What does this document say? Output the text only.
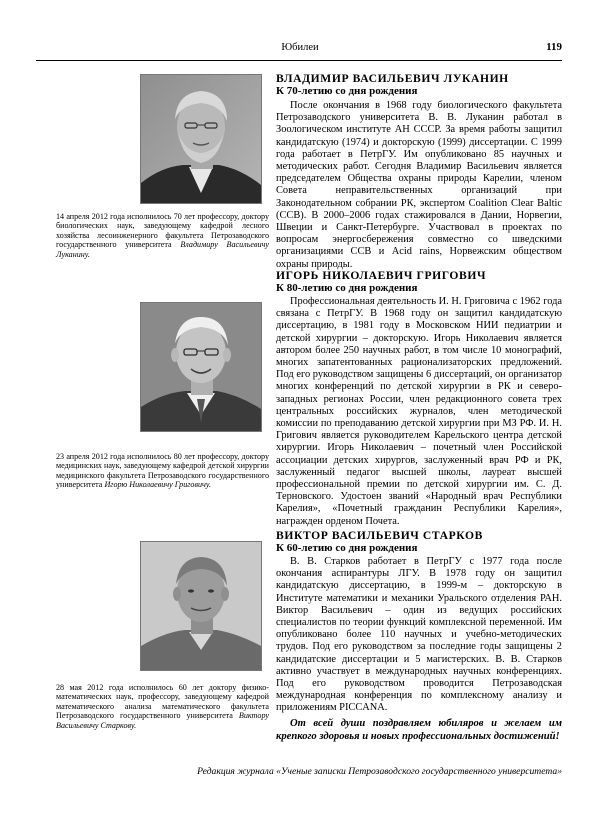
Юбилеи	119
14 апреля 2012 года исполнилось 70 лет профессору, доктору биологических наук, заведующему кафедрой лесного хозяйства лесоинженерного факультета Петрозаводского государственного университета Владимиру Васильевичу Луканину.
ВЛАДИМИР ВАСИЛЬЕВИЧ ЛУКАНИН
К 70-летию со дня рождения

После окончания в 1968 году биологического факультета Петрозаводского университета В. В. Луканин работал в Зоологическом институте АН СССР. За время работы защитил кандидатскую (1974) и докторскую (1999) диссертации. С 1999 года работает в ПетрГУ. Им опубликовано 85 научных и методических работ. Сегодня Владимир Васильевич является председателем Общества охраны природы Карелии, членом Совета неправительственных организаций при Законодательном собрании РК, экспертом Coalition Clear Baltic (CCB). В 2000–2006 годах стажировался в Дании, Норвегии, Швеции и Санкт-Петербурге. Участвовал в проектах по вопросам энергосбережения совместно со шведскими организациями CCB и Acid rains, Норвежским обществом охраны природы.

23 апреля 2012 года исполнилось 80 лет профессору, доктору медицинских наук, заведующему кафедрой детской хирургии медицинского факультета Петрозаводского государственного университета Игорю Николаевичу Григовичу.
ИГОРЬ НИКОЛАЕВИЧ ГРИГОВИЧ
К 80-летию со дня рождения

Профессиональная деятельность И. Н. Григовича с 1962 года связана с ПетрГУ. В 1968 году он защитил кандидатскую диссертацию, в 1981 году в Московском НИИ педиатрии и детской хирургии – докторскую. Игорь Николаевич является автором более 250 научных работ, в том числе 10 монографий, многих запатентованных рационализаторских предложений. Под его руководством защищены 6 диссертаций, он организатор многих конференций по детской хирургии в РК и северо-западных регионах России, член редакционного совета трех центральных российских журналов, член методической комиссии по преподаванию детской хирургии при МЗ РФ. И. Н. Григович является руководителем Карельского центра детской хирургии. Игорь Николаевич – почетный член Российской ассоциации детских хирургов, заслуженный врач РФ и РК, заслуженный педагог высшей школы, лауреат высшей профессиональной премии по детской хирургии им. С. Д. Терновского. Удостоен званий «Народный врач Республики Карелия», «Почетный гражданин Республики Карелия», награжден орденом Почета.

28 мая 2012 года исполнилось 60 лет доктору физико-математических наук, профессору, заведующему кафедрой математического анализа математического факультета Петрозаводского государственного университета Виктору Васильевичу Старкову.
ВИКТОР ВАСИЛЬЕВИЧ СТАРКОВ
К 60-летию со дня рождения

В. В. Старков работает в ПетрГУ с 1977 года после окончания аспирантуры ЛГУ. В 1978 году он защитил кандидатскую диссертацию, в 1999-м – докторскую в Институте математики и механики Уральского отделения РАН. Виктор Васильевич – один из ведущих российских специалистов по теории функций комплексной переменной. Им опубликовано более 110 научных и учебно-методических трудов. Под его руководством за последние годы защищены 2 кандидатские диссертации и 5 магистерских. В. В. Старков активно участвует в международных научных конференциях. Под его руководством проводится Петрозаводская международная конференция по комплексному анализу и приложениям PICCANA.

От всей души поздравляем юбиляров и желаем им крепкого здоровья и новых профессиональных достижений!

Редакция журнала «Ученые записки Петрозаводского государственного университета»
